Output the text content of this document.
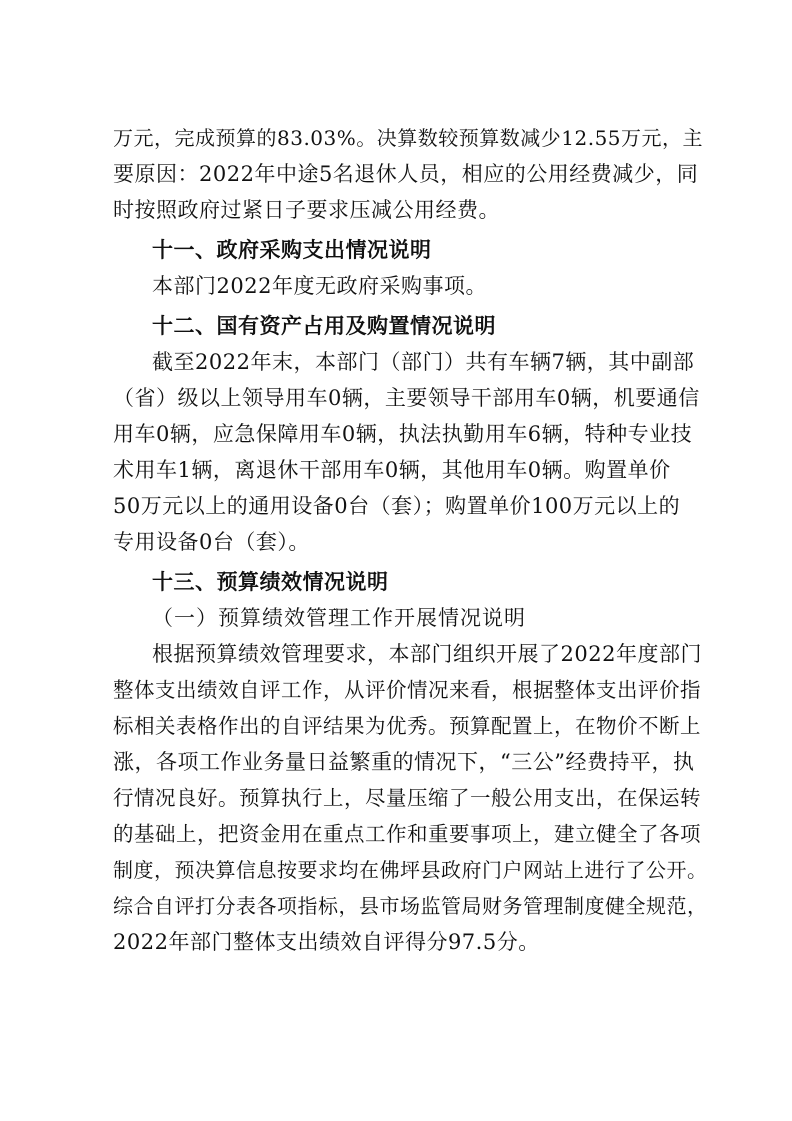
万元，完成预算的83.03%。决算数较预算数减少12.55万元，主
要原因：2022年中途5名退休人员，相应的公用经费减少，同
时按照政府过紧日子要求压减公用经费。
十一、政府采购支出情况说明
本部门2022年度无政府采购事项。
十二、国有资产占用及购置情况说明
截至2022年末，本部门（部门）共有车辆7辆，其中副部
（省）级以上领导用车0辆，主要领导干部用车0辆，机要通信
用车0辆，应急保障用车0辆，执法执勤用车6辆，特种专业技
术用车1辆，离退休干部用车0辆，其他用车0辆。购置单价
50万元以上的通用设备0台（套）；购置单价100万元以上的
专用设备0台（套）。
十三、预算绩效情况说明
（一）预算绩效管理工作开展情况说明
根据预算绩效管理要求，本部门组织开展了2022年度部门
整体支出绩效自评工作，从评价情况来看，根据整体支出评价指
标相关表格作出的自评结果为优秀。预算配置上，在物价不断上
涨，各项工作业务量日益繁重的情况下，“三公”经费持平，执
行情况良好。预算执行上，尽量压缩了一般公用支出，在保运转
的基础上，把资金用在重点工作和重要事项上，建立健全了各项
制度，预决算信息按要求均在佛坪县政府门户网站上进行了公开。
综合自评打分表各项指标，县市场监管局财务管理制度健全规范，
2022年部门整体支出绩效自评得分97.5分。
